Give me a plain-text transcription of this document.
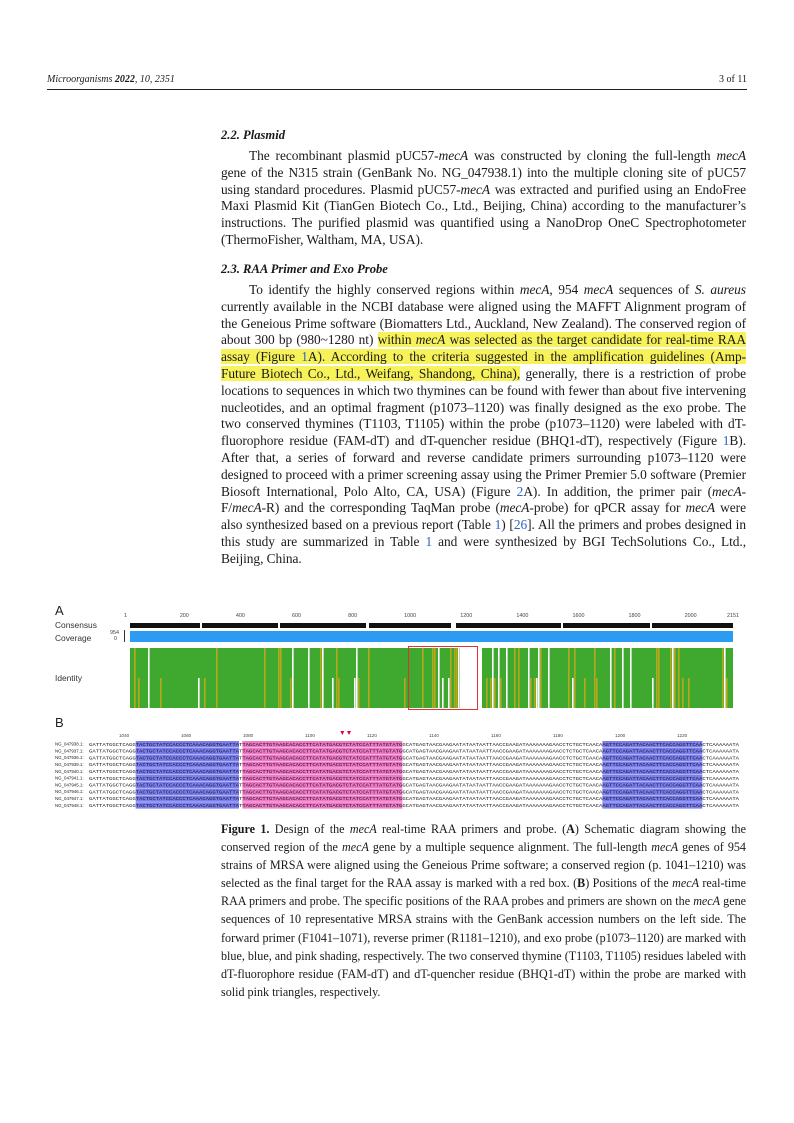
Microorganisms 2022, 10, 2351	3 of 11
2.2. Plasmid

The recombinant plasmid pUC57-mecA was constructed by cloning the full-length mecA gene of the N315 strain (GenBank No. NG_047938.1) into the multiple cloning site of pUC57 using standard procedures. Plasmid pUC57-mecA was extracted and purified using an EndoFree Maxi Plasmid Kit (TianGen Biotech Co., Ltd., Beijing, China) according to the manufacturer’s instructions. The purified plasmid was quantified using a NanoDrop OneC Spectrophotometer (ThermoFisher, Waltham, MA, USA).

2.3. RAA Primer and Exo Probe

To identify the highly conserved regions within mecA, 954 mecA sequences of S. aureus currently available in the NCBI database were aligned using the MAFFT Alignment program of the Geneious Prime software (Biomatters Ltd., Auckland, New Zealand). The conserved region of about 300 bp (980~1280 nt) within mecA was selected as the target candidate for real-time RAA assay (Figure 1A). According to the criteria suggested in the amplification guidelines (Amp-Future Biotech Co., Ltd., Weifang, Shandong, China), generally, there is a restriction of probe locations to sequences in which two thymines can be found with fewer than about five intervening nucleotides, and an optimal fragment (p1073–1120) was finally designed as the exo probe. The two conserved thymines (T1103, T1105) within the probe (p1073–1120) were labeled with dT-fluorophore residue (FAM-dT) and dT-quencher residue (BHQ1-dT), respectively (Figure 1B). After that, a series of forward and reverse candidate primers surrounding p1073–1120 were designed to proceed with a primer screening assay using the Primer Premier 5.0 software (Premier Biosoft International, Polo Alto, CA, USA) (Figure 2A). In addition, the primer pair (mecA-F/mecA-R) and the corresponding TaqMan probe (mecA-probe) for qPCR assay for mecA were also synthesized based on a previous report (Table 1) [26]. All the primers and probes designed in this study are summarized in Table 1 and were synthesized by BGI TechSolutions Co., Ltd., Beijing, China.

A
Consensus
Coverage
Identity
954
0
1	200	400	600	800	1000	1200	1400	1600	1800	2000	2151
B
1040	1060	1080	1100	1120	1140	1160	1180	1200	1220
NG_047938.1: GATTATGGCTCAGGTACTGCTATCCACCCTCAAACAGGTGAATTATTAGCACTTGTAAGCACACCTTCATATGACGTCTATCCATTTATGTATGGCATGAGTAACGAAGAATATAATAATTAACCGAAGATAAAAAAAGAACCTCTGCTCAACAAGTTCCAGATTACAACTTCACCAGGTTCAACTCAAAAAATA
NG_047937.1: GATTATGGCTCAGGTACTGCTATCCACCCTCAAACAGGTGAATTATTAGCACTTGTAAGCACACCTTCATATGACGTCTATCCATTTATGTATGGCATGAGTAACGAAGAATATAATAATTAACCGAAGATAAAAAAAGAACCTCTGCTCAACAAGTTCCAGATTACAACTTCACCAGGTTCAACTCAAAAAATA
NG_047936.1: GATTATGGCTCAGGTACTGCTATCCACCCTCAAACAGGTGAATTATTAGCACTTGTAAGCACACCTTCATATGACGTCTATCCATTTATGTATGGCATGAGTAACGAAGAATATAATAATTAACCGAAGATAAAAAAAGAACCTCTGCTCAACAAGTTCCAGATTACAACTTCACCAGGTTCAACTCAAAAAATA
NG_047939.1: GATTATGGCTCAGGTACTGCTATCCACCCTCAAACAGGTGAATTATTAGCACTTGTAAGCACACCTTCATATGACGTCTATCCATTTATGTATGGCATGAGTAACGAAGAATATAATAATTAACCGAAGATAAAAAAAGAACCTCTGCTCAACAAGTTCCAGATTACAACTTCACCAGGTTCAACTCAAAAAATA
NG_047940.1: GATTATGGCTCAGGTACTGCTATCCACCCTCAAACAGGTGAATTATTAGCACTTGTAAGCACACCTTCATATGACGTCTATCCATTTATGTATGGCATGAGTAACGAAGAATATAATAATTAACCGAAGATAAAAAAAGAACCTCTGCTCAACAAGTTCCAGATTACAACTTCACCAGGTTCAACTCAAAAAATA
NG_047941.1: GATTATGGCTCAGGTACTGCTATCCACCCTCAAACAGGTGAATTATTAGCACTTGTAAGCACACCTTCATATGACGTCTATCCATTTATGTATGGCATGAGTAACGAAGAATATAATAATTAACCGAAGATAAAAAAAGAACCTCTGCTCAACAAGTTCCAGATTACAACTTCACCAGGTTCAACTCAAAAAATA
NG_047945.1: GATTATGGCTCAGGTACTGCTATCCACCCTCAAACAGGTGAATTATTAGCACTTGTAAGCACACCTTCATATGACGTCTATCCATTTATGTATGGCATGAGTAACGAAGAATATAATAATTAACCGAAGATAAAAAAAGAACCTCTGCTCAACAAGTTCCAGATTACAACTTCACCAGGTTCAACTCAAAAAATA
NG_047946.1: GATTATGGCTCAGGTACTGCTATCCACCCTCAAACAGGTGAATTATTAGCACTTGTAAGCACACCTTCATATGACGTCTATCCATTTATGTATGGCATGAGTAACGAAGAATATAATAATTAACCGAAGATAAAAAAAGAACCTCTGCTCAACAAGTTCCAGATTACAACTTCACCAGGTTCAACTCAAAAAATA
NG_047947.1: GATTATGGCTCAGGTACTGCTATCCACCCTCAAACAGGTGAATTATTAGCACTTGTAAGCACACCTTCATATGACGTCTATCCATTTATGTATGGCATGAGTAACGAAGAATATAATAATTAACCGAAGATAAAAAAAGAACCTCTGCTCAACAAGTTCCAGATTACAACTTCACCAGGTTCAACTCAAAAAATA
NG_047948.1: GATTATGGCTCAGGTACTGCTATCCACCCTCAAACAGGTGAATTATTAGCACTTGTAAGCACACCTTCATATGACGTCTATCCATTTATGTATGGCATGAGTAACGAAGAATATAATAATTAACCGAAGATAAAAAAAGAACCTCTGCTCAACAAGTTCCAGATTACAACTTCACCAGGTTCAACTCAAAAAATA

Figure 1. Design of the mecA real-time RAA primers and probe. (A) Schematic diagram showing the conserved region of the mecA gene by a multiple sequence alignment. The full-length mecA genes of 954 strains of MRSA were aligned using the Geneious Prime software; a conserved region (p. 1041–1210) was selected as the final target for the RAA assay is marked with a red box. (B) Positions of the mecA real-time RAA primers and probe. The specific positions of the RAA probes and primers are shown on the mecA gene sequences of 10 representative MRSA strains with the GenBank accession numbers on the left side. The forward primer (F1041–1071), reverse primer (R1181–1210), and exo probe (p1073–1120) are marked with blue, blue, and pink shading, respectively. The two conserved thymine (T1103, T1105) residues labeled with dT-fluorophore residue (FAM-dT) and dT-quencher residue (BHQ1-dT) within the probe are marked with solid pink triangles, respectively.
